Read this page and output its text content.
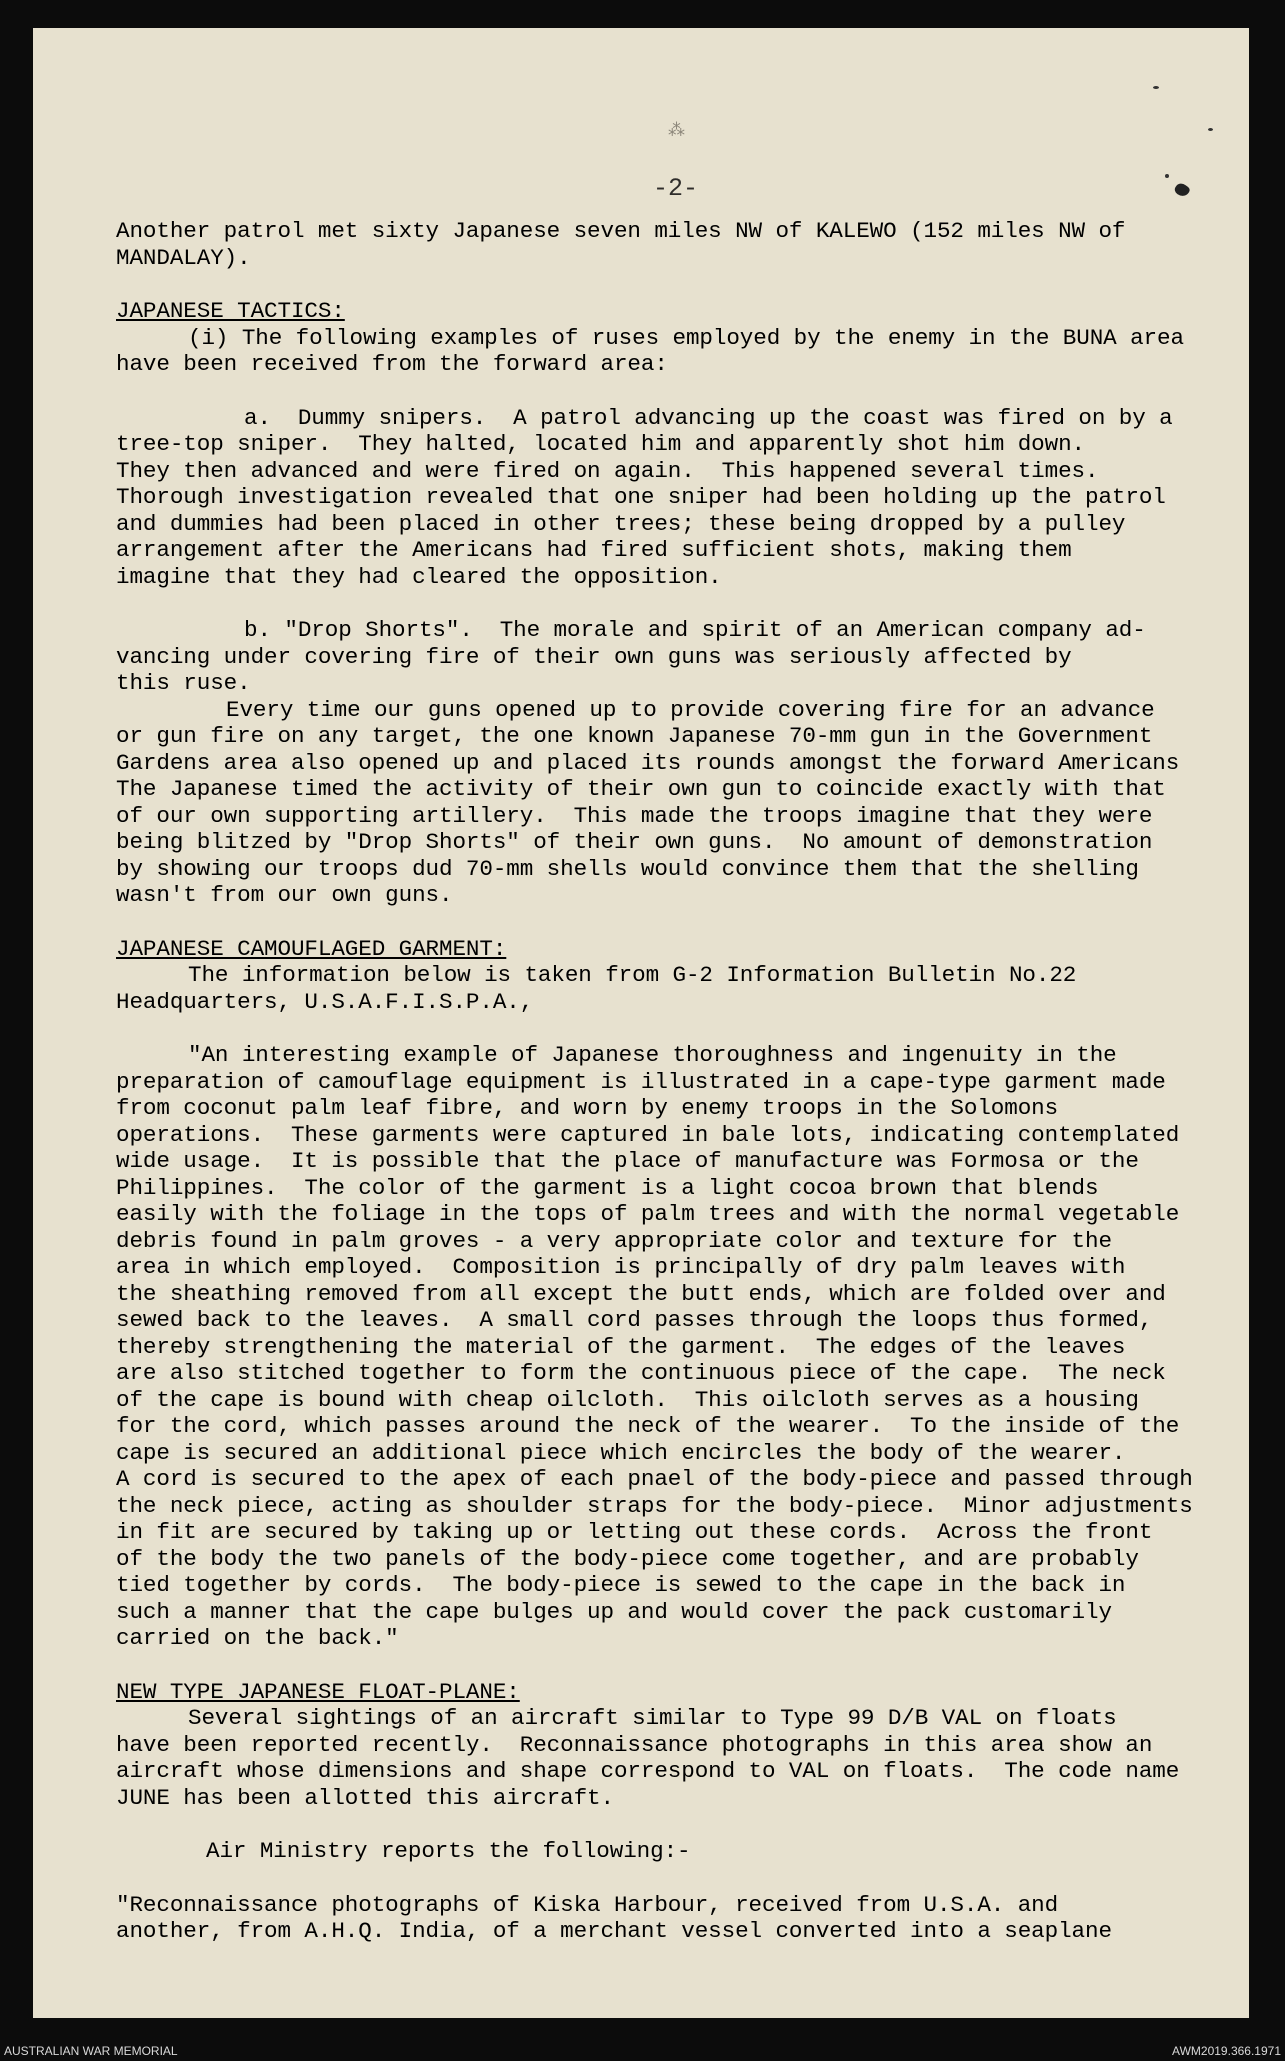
⁂
-2-

Another patrol met sixty Japanese seven miles NW of KALEWO (152 miles NW of
MANDALAY).

JAPANESE TACTICS:

(i) The following examples of ruses employed by the enemy in the BUNA area
have been received from the forward area:

a.  Dummy snipers.  A patrol advancing up the coast was fired on by a
tree-top sniper.  They halted, located him and apparently shot him down.
They then advanced and were fired on again.  This happened several times.
Thorough investigation revealed that one sniper had been holding up the patrol
and dummies had been placed in other trees; these being dropped by a pulley
arrangement after the Americans had fired sufficient shots, making them
imagine that they had cleared the opposition.

b. "Drop Shorts".  The morale and spirit of an American company ad-
vancing under covering fire of their own guns was seriously affected by
this ruse.

Every time our guns opened up to provide covering fire for an advance
or gun fire on any target, the one known Japanese 70-mm gun in the Government
Gardens area also opened up and placed its rounds amongst the forward Americans
The Japanese timed the activity of their own gun to coincide exactly with that
of our own supporting artillery.  This made the troops imagine that they were
being blitzed by "Drop Shorts" of their own guns.  No amount of demonstration
by showing our troops dud 70-mm shells would convince them that the shelling
wasn't from our own guns.

JAPANESE CAMOUFLAGED GARMENT:

The information below is taken from G-2 Information Bulletin No.22
Headquarters, U.S.A.F.I.S.P.A.,

"An interesting example of Japanese thoroughness and ingenuity in the
preparation of camouflage equipment is illustrated in a cape-type garment made
from coconut palm leaf fibre, and worn by enemy troops in the Solomons
operations.  These garments were captured in bale lots, indicating contemplated
wide usage.  It is possible that the place of manufacture was Formosa or the
Philippines.  The color of the garment is a light cocoa brown that blends
easily with the foliage in the tops of palm trees and with the normal vegetable
debris found in palm groves - a very appropriate color and texture for the
area in which employed.  Composition is principally of dry palm leaves with
the sheathing removed from all except the butt ends, which are folded over and
sewed back to the leaves.  A small cord passes through the loops thus formed,
thereby strengthening the material of the garment.  The edges of the leaves
are also stitched together to form the continuous piece of the cape.  The neck
of the cape is bound with cheap oilcloth.  This oilcloth serves as a housing
for the cord, which passes around the neck of the wearer.  To the inside of the
cape is secured an additional piece which encircles the body of the wearer.
A cord is secured to the apex of each pnael of the body-piece and passed through
the neck piece, acting as shoulder straps for the body-piece.  Minor adjustments
in fit are secured by taking up or letting out these cords.  Across the front
of the body the two panels of the body-piece come together, and are probably
tied together by cords.  The body-piece is sewed to the cape in the back in
such a manner that the cape bulges up and would cover the pack customarily
carried on the back."

NEW TYPE JAPANESE FLOAT-PLANE:

Several sightings of an aircraft similar to Type 99 D/B VAL on floats
have been reported recently.  Reconnaissance photographs in this area show an
aircraft whose dimensions and shape correspond to VAL on floats.  The code name
JUNE has been allotted this aircraft.

Air Ministry reports the following:-

"Reconnaissance photographs of Kiska Harbour, received from U.S.A. and
another, from A.H.Q. India, of a merchant vessel converted into a seaplane

AUSTRALIAN WAR MEMORIAL	AWM2019.366.1971
